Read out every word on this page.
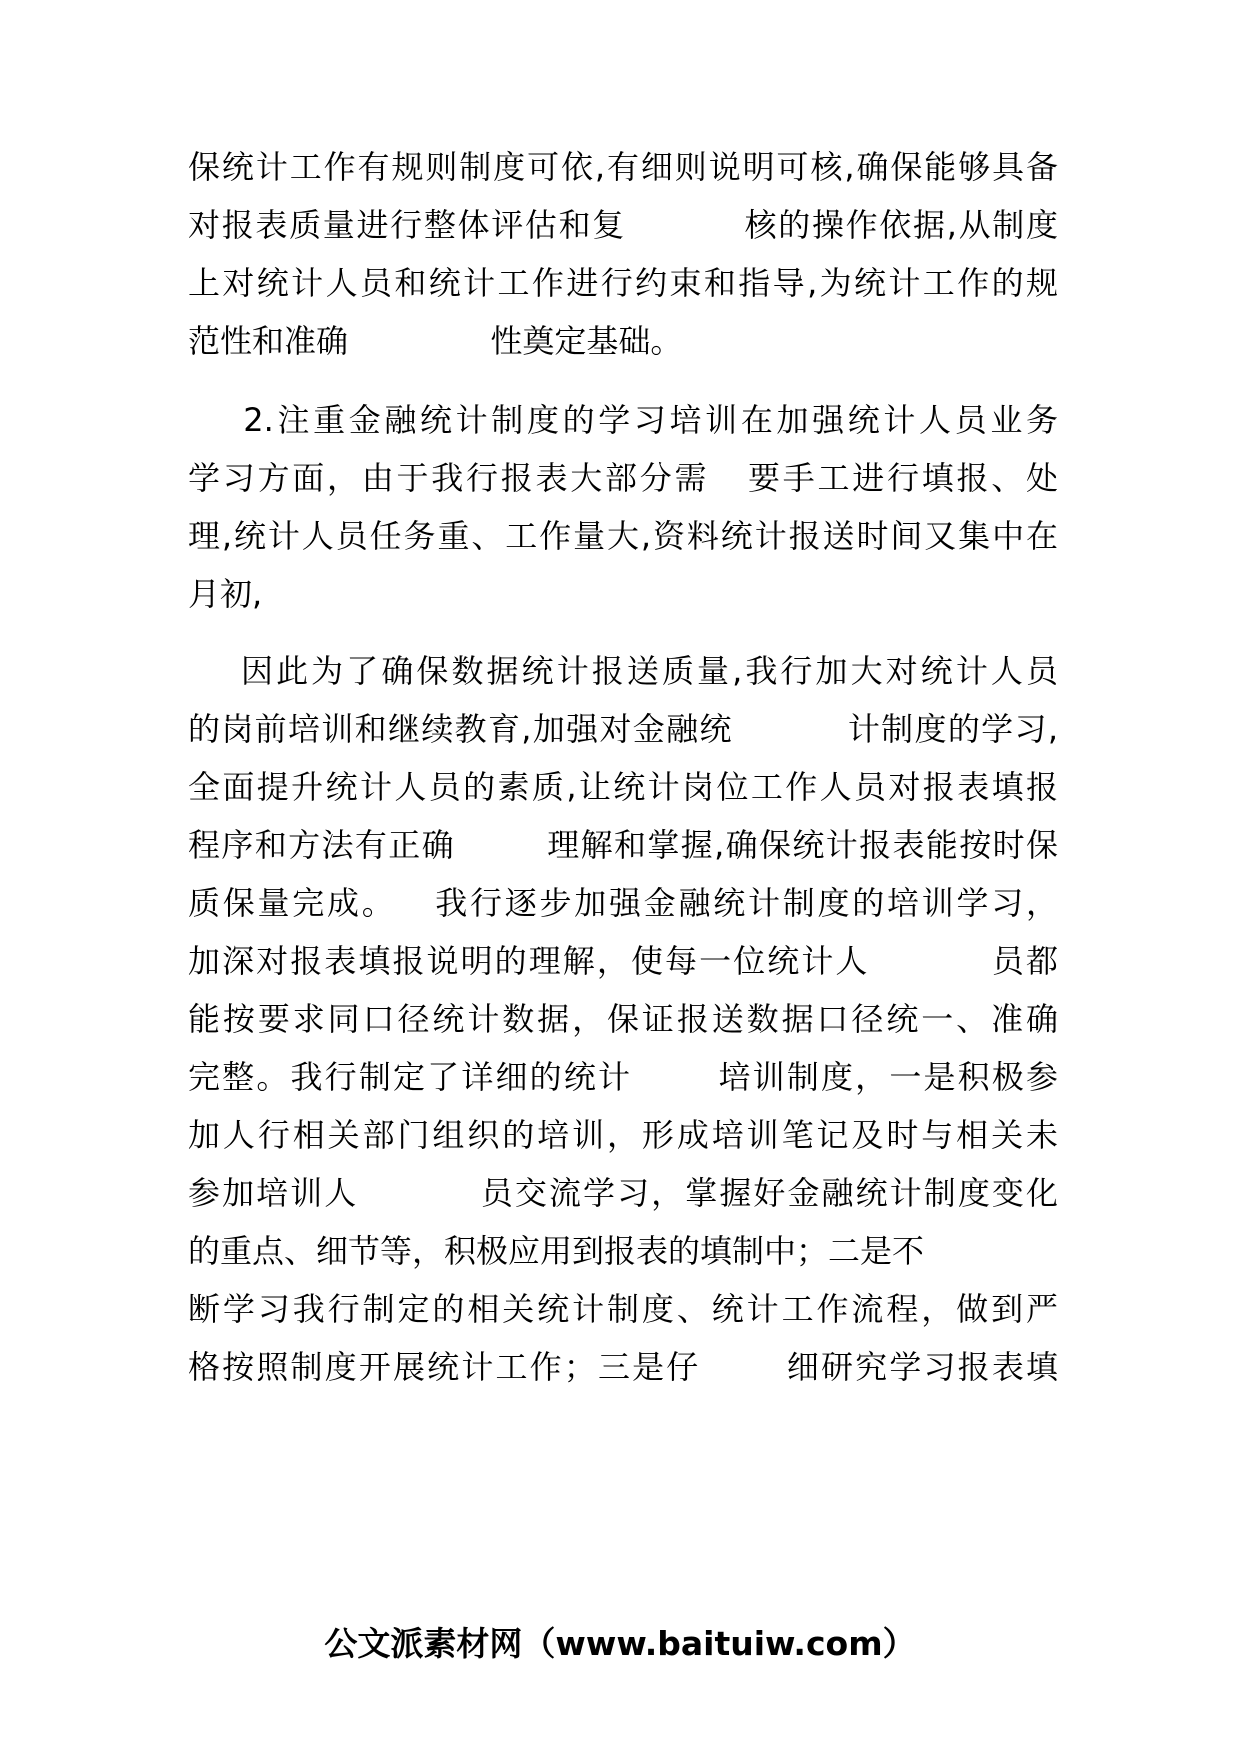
保统计工作有规则制度可依,有细则说明可核,确保能够具备
对报表质量进行整体评估和复          核的操作依据,从制度
上对统计人员和统计工作进行约束和指导,为统计工作的规
范性和准确              性奠定基础。
2.注重金融统计制度的学习培训在加强统计人员业务
学习方面，由于我行报表大部分需   要手工进行填报、处
理,统计人员任务重、工作量大,资料统计报送时间又集中在
月初,
因此为了确保数据统计报送质量,我行加大对统计人员
的岗前培训和继续教育,加强对金融统          计制度的学习,
全面提升统计人员的素质,让统计岗位工作人员对报表填报
程序和方法有正确        理解和掌握,确保统计报表能按时保
质保量完成。   我行逐步加强金融统计制度的培训学习，
加深对报表填报说明的理解，使每一位统计人          员都
能按要求同口径统计数据，保证报送数据口径统一、准确
完整。我行制定了详细的统计       培训制度，一是积极参
加人行相关部门组织的培训，形成培训笔记及时与相关未
参加培训人          员交流学习，掌握好金融统计制度变化
的重点、细节等，积极应用到报表的填制中；二是不
断学习我行制定的相关统计制度、统计工作流程，做到严
格按照制度开展统计工作；三是仔       细研究学习报表填
公文派素材网（www.baituiw.com）
